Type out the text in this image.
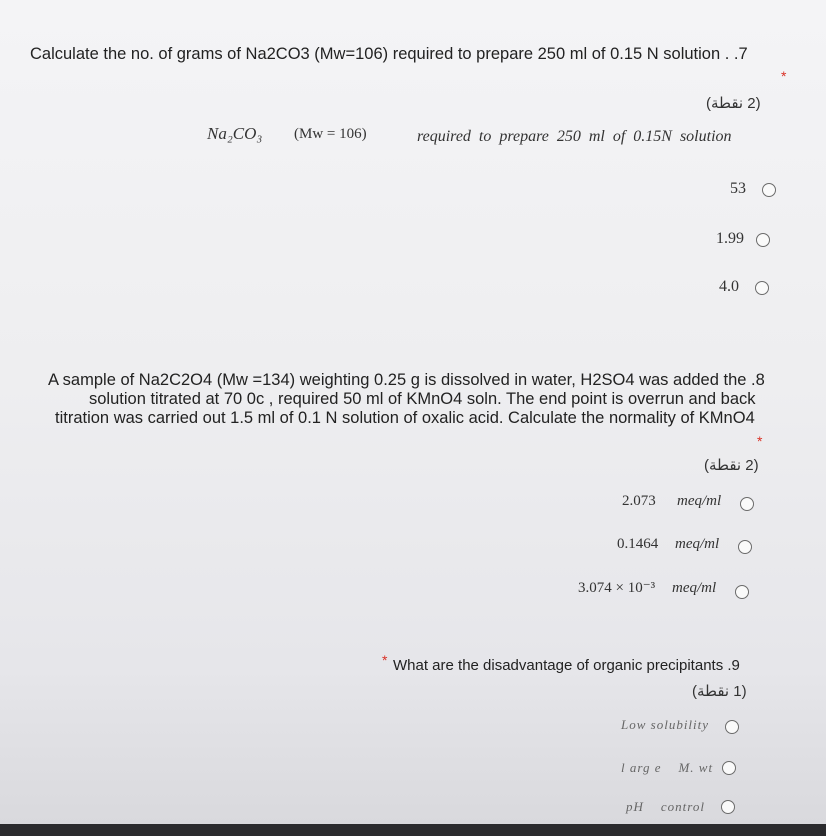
Calculate the no. of grams of Na2CO3 (Mw=106) required to prepare 250 ml of 0.15 N solution . .7
*
(2 نقطة)
Na₂CO₃ (Mw = 106)	required to prepare 250 ml of 0.15N solution
53
1.99
4.0
A sample of Na2C2O4 (Mw =134) weighting 0.25 g is dissolved in water, H2SO4 was added the .8
solution titrated at 70 0c , required 50 ml of KMnO4 soln. The end point is overrun and back
titration was carried out 1.5 ml of 0.1 N solution of oxalic acid. Calculate the normality of KMnO4
*
(2 نقطة)
2.073 meq/ml
0.1464 meq/ml
3.074 × 10⁻³ meq/ml
* What are the disadvantage of organic precipitants .9
(1 نقطة)
Low solubility
l arg e    M. wt
pH    control
